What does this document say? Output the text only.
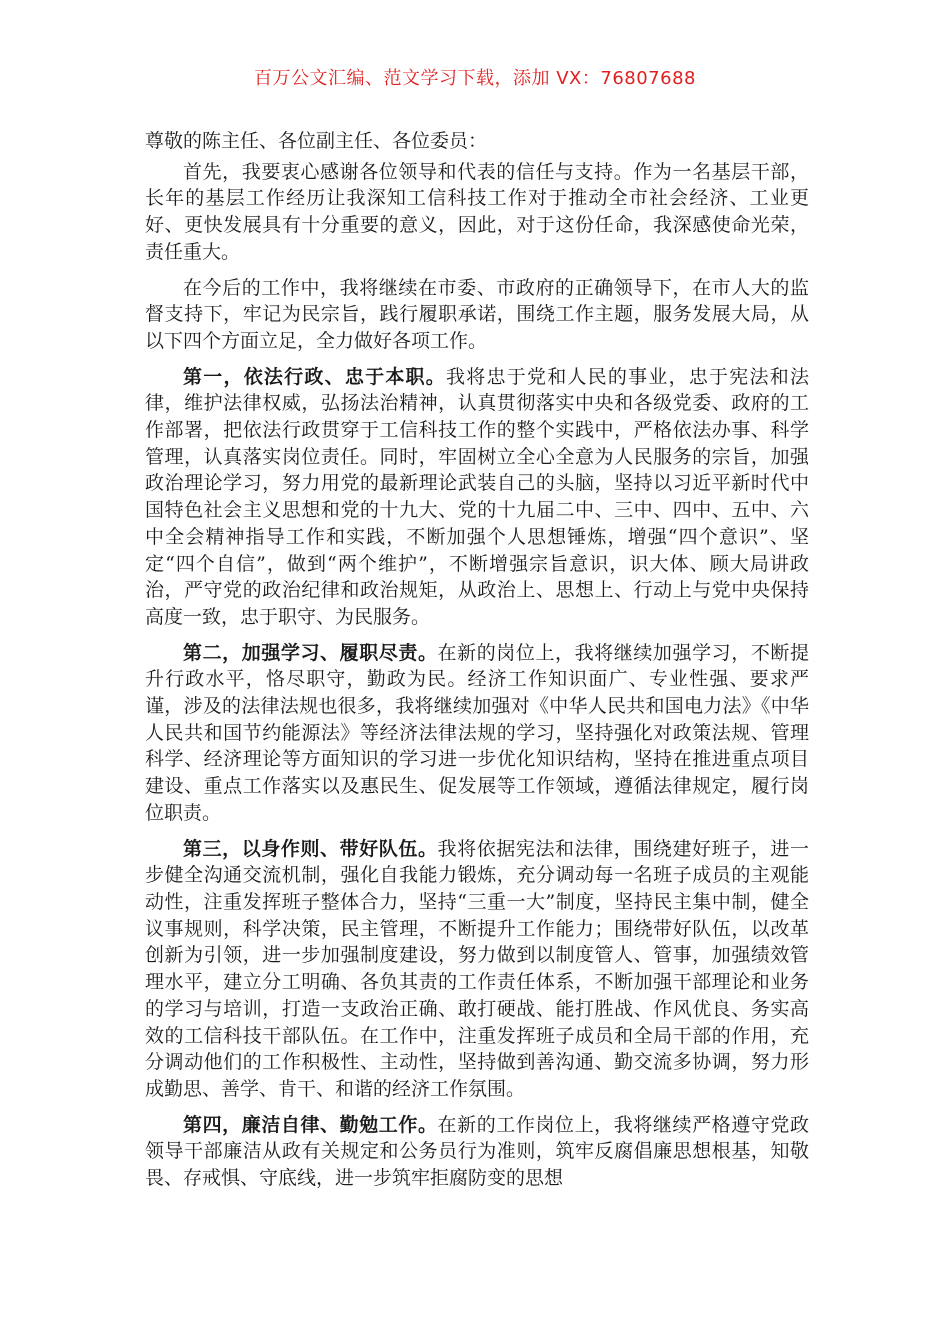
百万公文汇编、范文学习下载，添加 VX：76807688

尊敬的陈主任、各位副主任、各位委员：

首先，我要衷心感谢各位领导和代表的信任与支持。作为一名基层干部，长年的基层工作经历让我深知工信科技工作对于推动全市社会经济、工业更好、更快发展具有十分重要的意义，因此，对于这份任命，我深感使命光荣，责任重大。

在今后的工作中，我将继续在市委、市政府的正确领导下，在市人大的监督支持下，牢记为民宗旨，践行履职承诺，围绕工作主题，服务发展大局，从以下四个方面立足，全力做好各项工作。

第一，依法行政、忠于本职。我将忠于党和人民的事业，忠于宪法和法律，维护法律权威，弘扬法治精神，认真贯彻落实中央和各级党委、政府的工作部署，把依法行政贯穿于工信科技工作的整个实践中，严格依法办事、科学管理，认真落实岗位责任。同时，牢固树立全心全意为人民服务的宗旨，加强政治理论学习，努力用党的最新理论武装自己的头脑，坚持以习近平新时代中国特色社会主义思想和党的十九大、党的十九届二中、三中、四中、五中、六中全会精神指导工作和实践，不断加强个人思想锤炼，增强“四个意识”、坚定“四个自信”，做到“两个维护”，不断增强宗旨意识，识大体、顾大局讲政治，严守党的政治纪律和政治规矩，从政治上、思想上、行动上与党中央保持高度一致，忠于职守、为民服务。

第二，加强学习、履职尽责。在新的岗位上，我将继续加强学习，不断提升行政水平，恪尽职守，勤政为民。经济工作知识面广、专业性强、要求严谨，涉及的法律法规也很多，我将继续加强对《中华人民共和国电力法》《中华人民共和国节约能源法》等经济法律法规的学习，坚持强化对政策法规、管理科学、经济理论等方面知识的学习进一步优化知识结构，坚持在推进重点项目建设、重点工作落实以及惠民生、促发展等工作领域，遵循法律规定，履行岗位职责。

第三，以身作则、带好队伍。我将依据宪法和法律，围绕建好班子，进一步健全沟通交流机制，强化自我能力锻炼，充分调动每一名班子成员的主观能动性，注重发挥班子整体合力，坚持“三重一大”制度，坚持民主集中制，健全议事规则，科学决策，民主管理，不断提升工作能力；围绕带好队伍，以改革创新为引领，进一步加强制度建设，努力做到以制度管人、管事，加强绩效管理水平，建立分工明确、各负其责的工作责任体系，不断加强干部理论和业务的学习与培训，打造一支政治正确、敢打硬战、能打胜战、作风优良、务实高效的工信科技干部队伍。在工作中，注重发挥班子成员和全局干部的作用，充分调动他们的工作积极性、主动性，坚持做到善沟通、勤交流多协调，努力形成勤思、善学、肯干、和谐的经济工作氛围。

第四，廉洁自律、勤勉工作。在新的工作岗位上，我将继续严格遵守党政领导干部廉洁从政有关规定和公务员行为准则，筑牢反腐倡廉思想根基，知敬畏、存戒惧、守底线，进一步筑牢拒腐防变的思想
